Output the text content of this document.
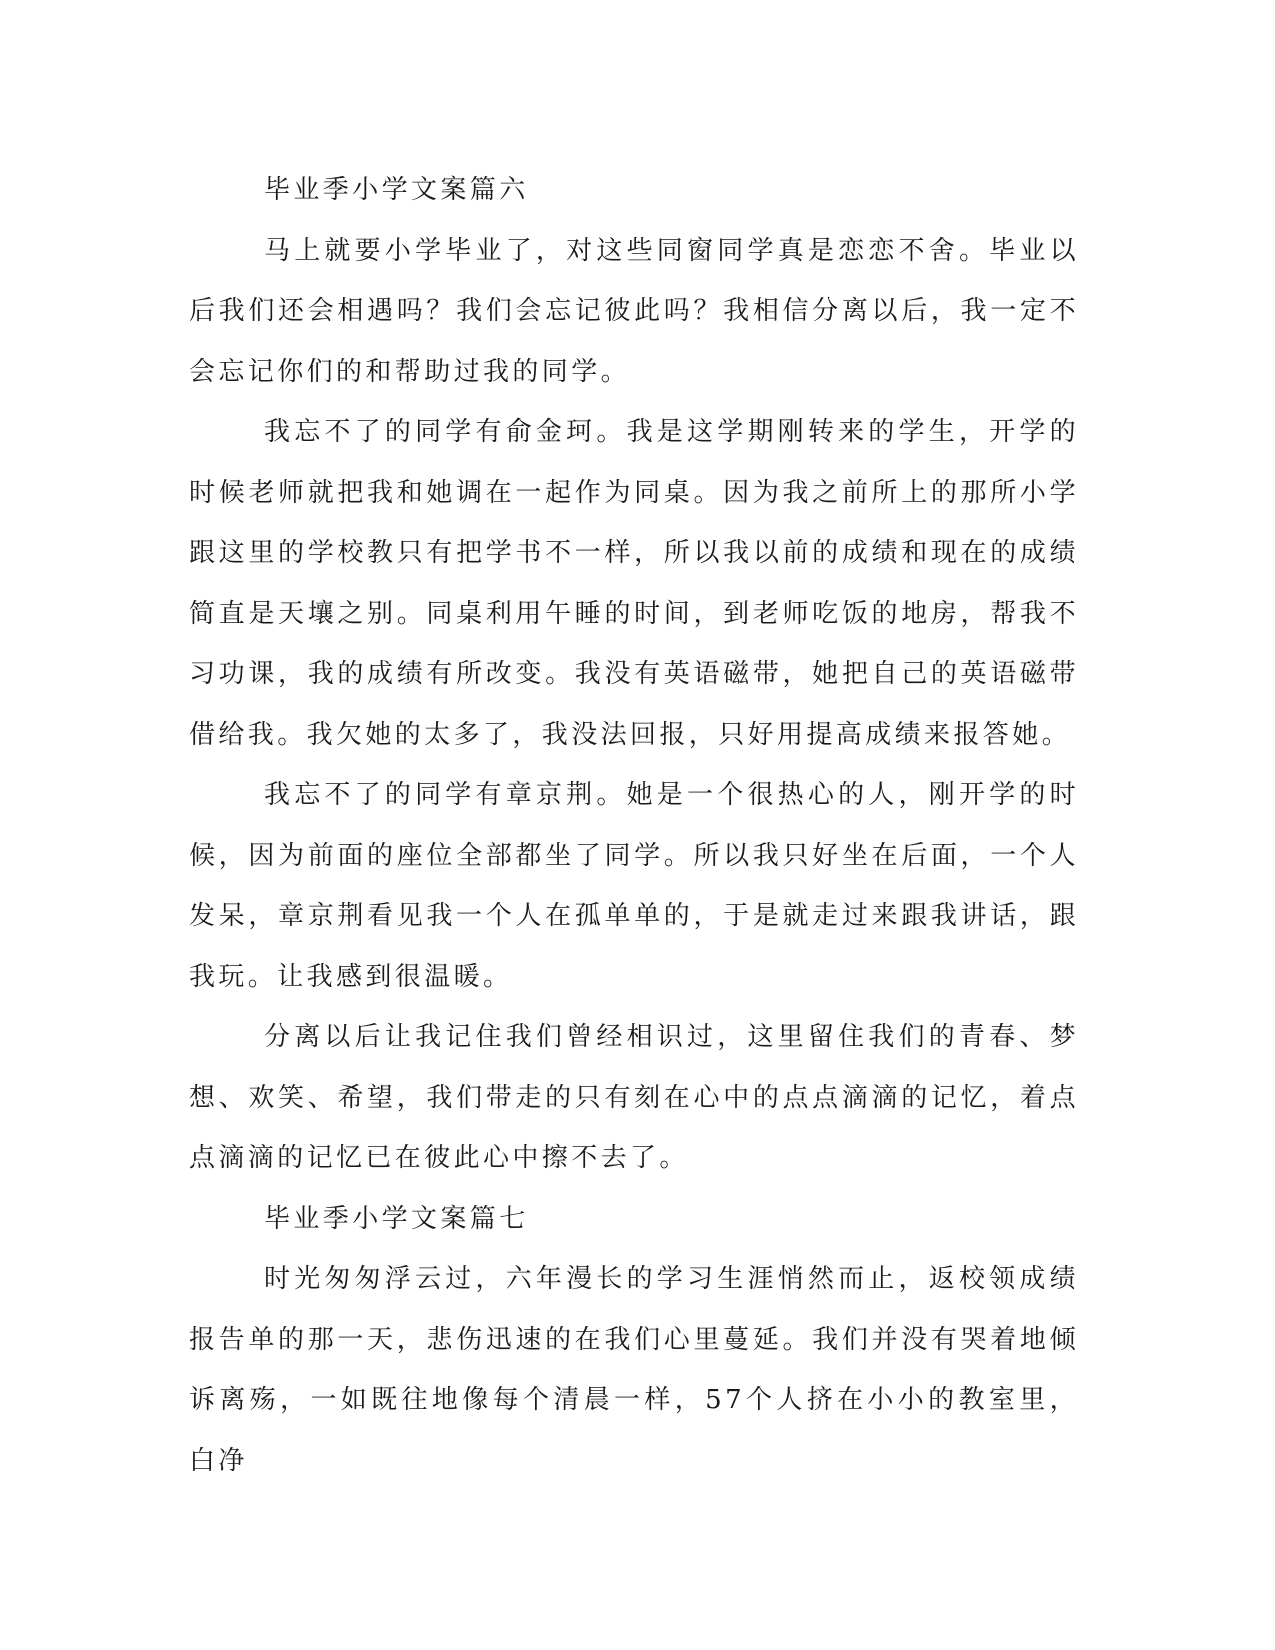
毕业季小学文案篇六

马上就要小学毕业了，对这些同窗同学真是恋恋不舍。毕业以后我们还会相遇吗？我们会忘记彼此吗？我相信分离以后，我一定不会忘记你们的和帮助过我的同学。

我忘不了的同学有俞金珂。我是这学期刚转来的学生，开学的时候老师就把我和她调在一起作为同桌。因为我之前所上的那所小学跟这里的学校教只有把学书不一样，所以我以前的成绩和现在的成绩简直是天壤之别。同桌利用午睡的时间，到老师吃饭的地房，帮我不习功课，我的成绩有所改变。我没有英语磁带，她把自己的英语磁带借给我。我欠她的太多了，我没法回报，只好用提高成绩来报答她。

我忘不了的同学有章京荆。她是一个很热心的人，刚开学的时候，因为前面的座位全部都坐了同学。所以我只好坐在后面，一个人发呆，章京荆看见我一个人在孤单单的，于是就走过来跟我讲话，跟我玩。让我感到很温暖。

分离以后让我记住我们曾经相识过，这里留住我们的青春、梦想、欢笑、希望，我们带走的只有刻在心中的点点滴滴的记忆，着点点滴滴的记忆已在彼此心中擦不去了。

毕业季小学文案篇七

时光匆匆浮云过，六年漫长的学习生涯悄然而止，返校领成绩报告单的那一天，悲伤迅速的在我们心里蔓延。我们并没有哭着地倾诉离殇，一如既往地像每个清晨一样，57个人挤在小小的教室里，白净
